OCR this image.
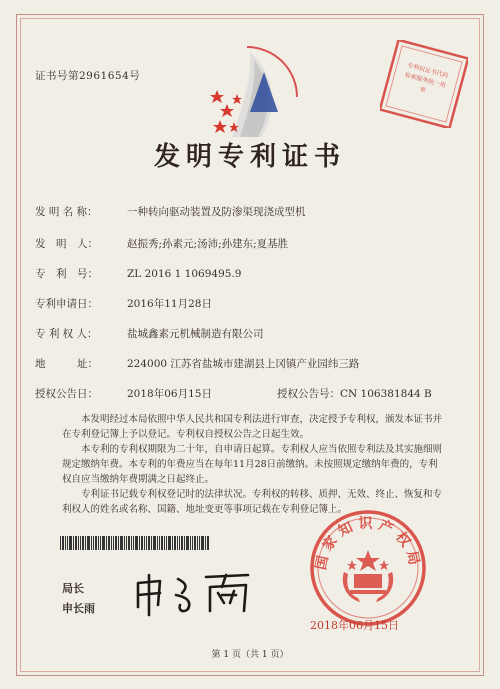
证书号第2961654号	专利权证书代码检索服务统一用章
发明专利证书
发 明 名 称：	一种转向驱动装置及防渗渠现浇成型机
发　明　人：	赵振秀;孙素元;汤沛;孙建东;夏基胜
专　利　号：	ZL 2016 1 1069495.9
专利申请日：	2016年11月28日
专 利 权 人：	盐城鑫素元机械制造有限公司
地　　　址：	224000 江苏省盐城市建湖县上冈镇产业园纬三路
授权公告日：	2018年06月15日	授权公告号：CN 106381844 B
本发明经过本局依照中华人民共和国专利法进行审查，决定授予专利权，颁发本证书并在专利登记簿上予以登记。专利权自授权公告之日起生效。
本专利的专利权期限为二十年，自申请日起算。专利权人应当依照专利法及其实施细则规定缴纳年费。本专利的年费应当在每年11月28日前缴纳。未按照规定缴纳年费的，专利权自应当缴纳年费期满之日起终止。
专利证书记载专利权登记时的法律状况。专利权的转移、质押、无效、终止、恢复和专利权人的姓名或名称、国籍、地址变更等事项记载在专利登记簿上。
局长
申长雨
国家知识产权局
2018年06月15日
第 1 页（共 1 页）
